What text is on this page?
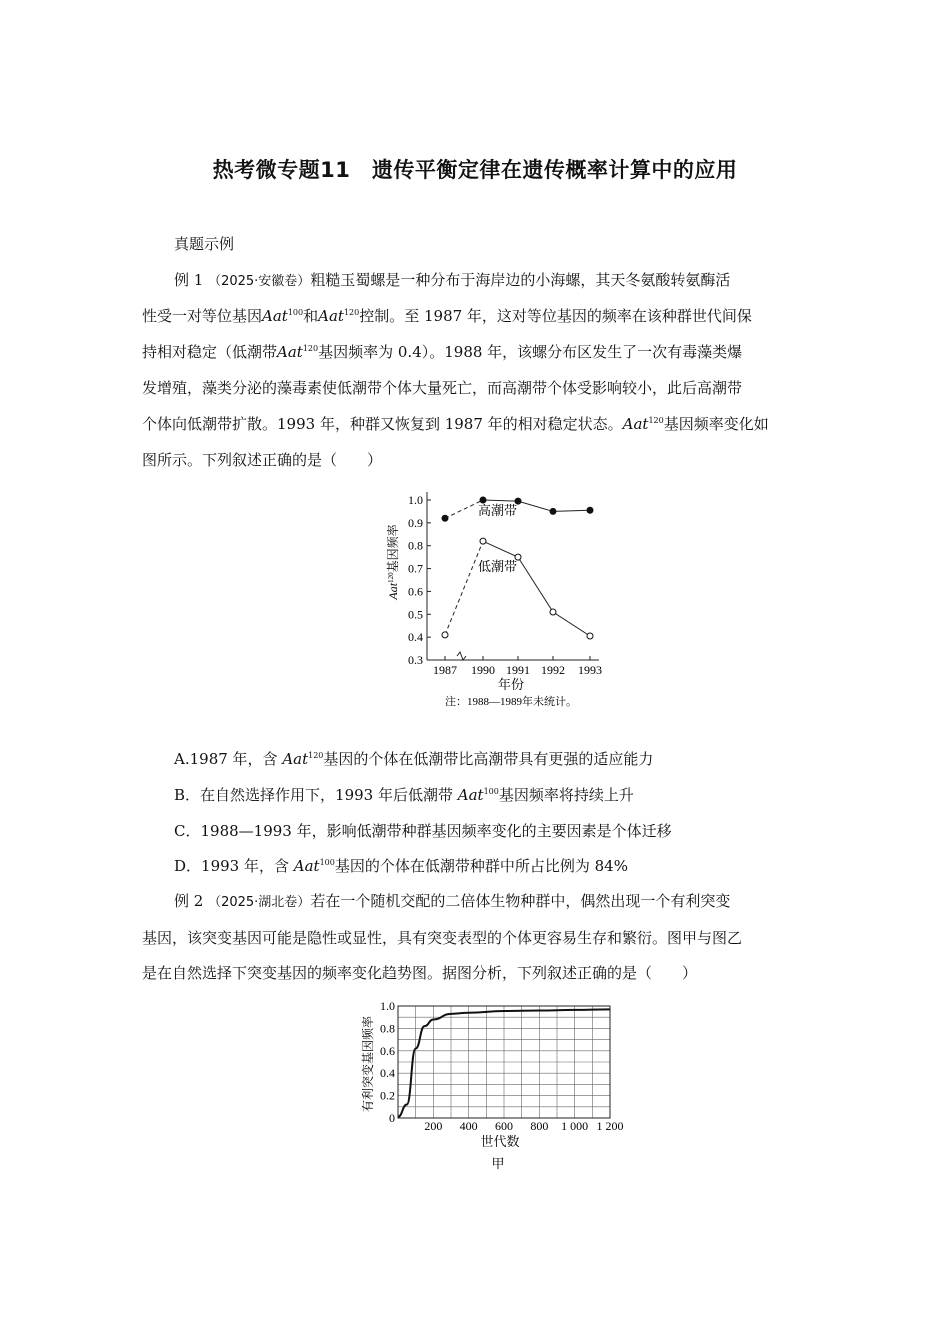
热考微专题11　遗传平衡定律在遗传概率计算中的应用
真题示例
例 1 （2025·安徽卷）粗糙玉蜀螺是一种分布于海岸边的小海螺，其天冬氨酸转氨酶活
性受一对等位基因Aat$^{100}$和Aat$^{120}$控制。至 1987 年，这对等位基因的频率在该种群世代间保
持相对稳定（低潮带Aat$^{120}$基因频率为 0.4）。1988 年，该螺分布区发生了一次有毒藻类爆
发增殖，藻类分泌的藻毒素使低潮带个体大量死亡，而高潮带个体受影响较小，此后高潮带
个体向低潮带扩散。1993 年，种群又恢复到 1987 年的相对稳定状态。Aat$^{120}$基因频率变化如
图所示。下列叙述正确的是（　　）
Aat$^{120}$基因频率
1.0
0.9
0.8
0.7
0.6
0.5
0.4
0.3
1987 1990 1991 1992 1993
高潮带
低潮带
年份
注：1988—1989年未统计。
A.1987 年，含 Aat$^{120}$基因的个体在低潮带比高潮带具有更强的适应能力
B．在自然选择作用下，1993 年后低潮带 Aat$^{100}$基因频率将持续上升
C．1988—1993 年，影响低潮带种群基因频率变化的主要因素是个体迁移
D．1993 年，含 Aat$^{100}$基因的个体在低潮带种群中所占比例为 84%
例 2 （2025·湖北卷）若在一个随机交配的二倍体生物种群中，偶然出现一个有利突变
基因，该突变基因可能是隐性或显性，具有突变表型的个体更容易生存和繁衍。图甲与图乙
是在自然选择下突变基因的频率变化趋势图。据图分析，下列叙述正确的是（　　）
有利突变基因频率
1.0
0.8
0.6
0.4
0.2
0
200 400 600 800 1 000 1 200
世代数
甲
